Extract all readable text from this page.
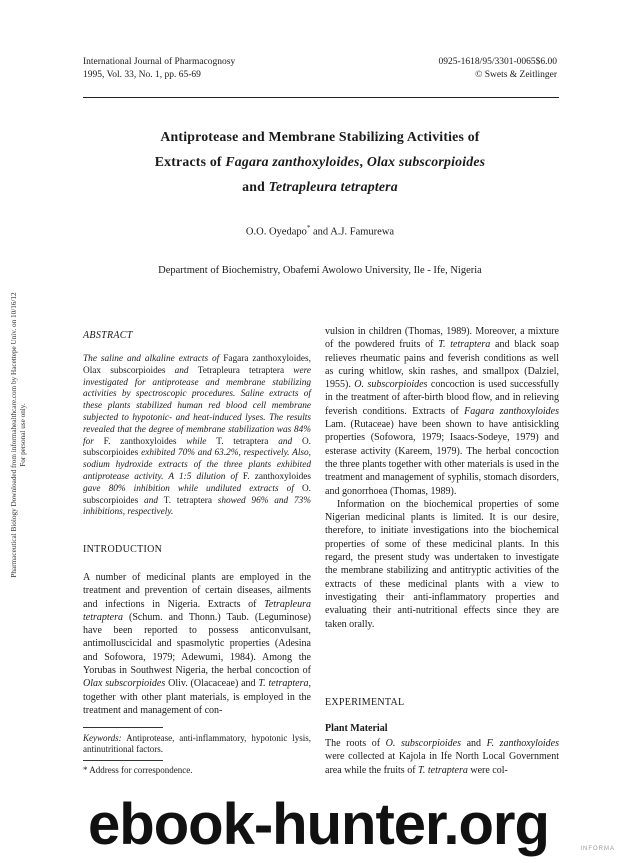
Pharmaceutical Biology Downloaded from informahealthcare.com by Hacettepe Univ. on 10/16/12 For personal use only.
International Journal of Pharmacognosy
1995, Vol. 33, No. 1, pp. 65-69
0925-1618/95/3301-0065$6.00
© Swets & Zeitlinger
Antiprotease and Membrane Stabilizing Activities of
Extracts of Fagara zanthoxyloides, Olax subscorpioides
and Tetrapleura tetraptera
O.O. Oyedapo* and A.J. Famurewa
Department of Biochemistry, Obafemi Awolowo University, Ile - Ife, Nigeria
ABSTRACT
The saline and alkaline extracts of Fagara zanthoxyloides, Olax subscorpioides and Tetrapleura tetraptera were investigated for antiprotease and membrane stabilizing activities by spectroscopic procedures. Saline extracts of these plants stabilized human red blood cell membrane subjected to hypotonic- and heat-induced lyses. The results revealed that the degree of membrane stabilization was 84% for F. zanthoxyloides while T. tetraptera and O. subscorpioides exhibited 70% and 63.2%, respectively. Also, sodium hydroxide extracts of the three plants exhibited antiprotease activity. A 1:5 dilution of F. zanthoxyloides gave 80% inhibition while undiluted extracts of O. subscorpioides and T. tetraptera showed 96% and 73% inhibitions, respectively.
INTRODUCTION

A number of medicinal plants are employed in the treatment and prevention of certain diseases, ailments and infections in Nigeria. Extracts of Tetrapleura tetraptera (Schum. and Thonn.) Taub. (Leguminose) have been reported to possess anticonvulsant, antimolluscicidal and spasmolytic properties (Adesina and Sofowora, 1979; Adewumi, 1984). Among the Yorubas in Southwest Nigeria, the herbal concoction of Olax subscorpioides Oliv. (Olacaceae) and T. tetraptera, together with other plant materials, is employed in the treatment and management of con-

Keywords: Antiprotease, anti-inflammatory, hypotonic lysis, antinutritional factors.
* Address for correspondence.

vulsion in children (Thomas, 1989). Moreover, a mixture of the powdered fruits of T. tetraptera and black soap relieves rheumatic pains and feverish conditions as well as curing whitlow, skin rashes, and smallpox (Dalziel, 1955). O. subscorpioides concoction is used successfully in the treatment of after-birth blood flow, and in relieving feverish conditions. Extracts of Fagara zanthoxyloides Lam. (Rutaceae) have been shown to have antisickling properties (Sofowora, 1979; Isaacs-Sodeye, 1979) and esterase activity (Kareem, 1979). The herbal concoction the three plants together with other materials is used in the treatment and management of syphilis, stomach disorders, and gonorrhoea (Thomas, 1989).

Information on the biochemical properties of some Nigerian medicinal plants is limited. It is our desire, therefore, to initiate investigations into the biochemical properties of some of these medicinal plants. In this regard, the present study was undertaken to investigate the membrane stabilizing and antitryptic activities of the extracts of these medicinal plants with a view to investigating their anti-inflammatory properties and evaluating their anti-nutritional effects since they are taken orally.

EXPERIMENTAL
Plant Material
The roots of O. subscorpioides and F. zanthoxyloides were collected at Kajola in Ife North Local Government area while the fruits of T. tetraptera were col-
ebook-hunter.org	INFORMA
